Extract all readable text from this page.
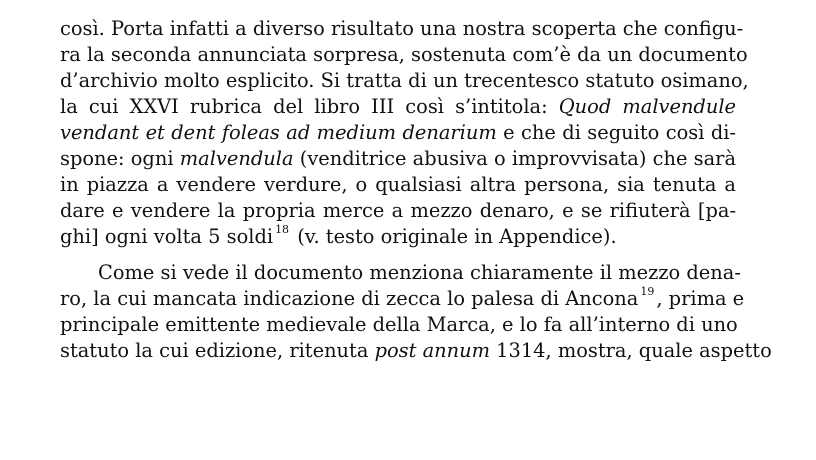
così. Porta infatti a diverso risultato una nostra scoperta che configu-
ra la seconda annunciata sorpresa, sostenuta com’è da un documento
d’archivio molto esplicito. Si tratta di un trecentesco statuto osimano,
la cui XXVI rubrica del libro III così s’intitola: Quod malvendule
vendant et dent foleas ad medium denarium e che di seguito così di-
spone: ogni malvendula (venditrice abusiva o improvvisata) che sarà
in piazza a vendere verdure, o qualsiasi altra persona, sia tenuta a
dare e vendere la propria merce a mezzo denaro, e se rifiuterà [pa-
ghi] ogni volta 5 soldi $^{18}$ (v. testo originale in Appendice).

Come si vede il documento menziona chiaramente il mezzo dena-
ro, la cui mancata indicazione di zecca lo palesa di Ancona $^{19}$ , prima e
principale emittente medievale della Marca, e lo fa all’interno di uno
statuto la cui edizione, ritenuta post annum 1314, mostra, quale aspetto
